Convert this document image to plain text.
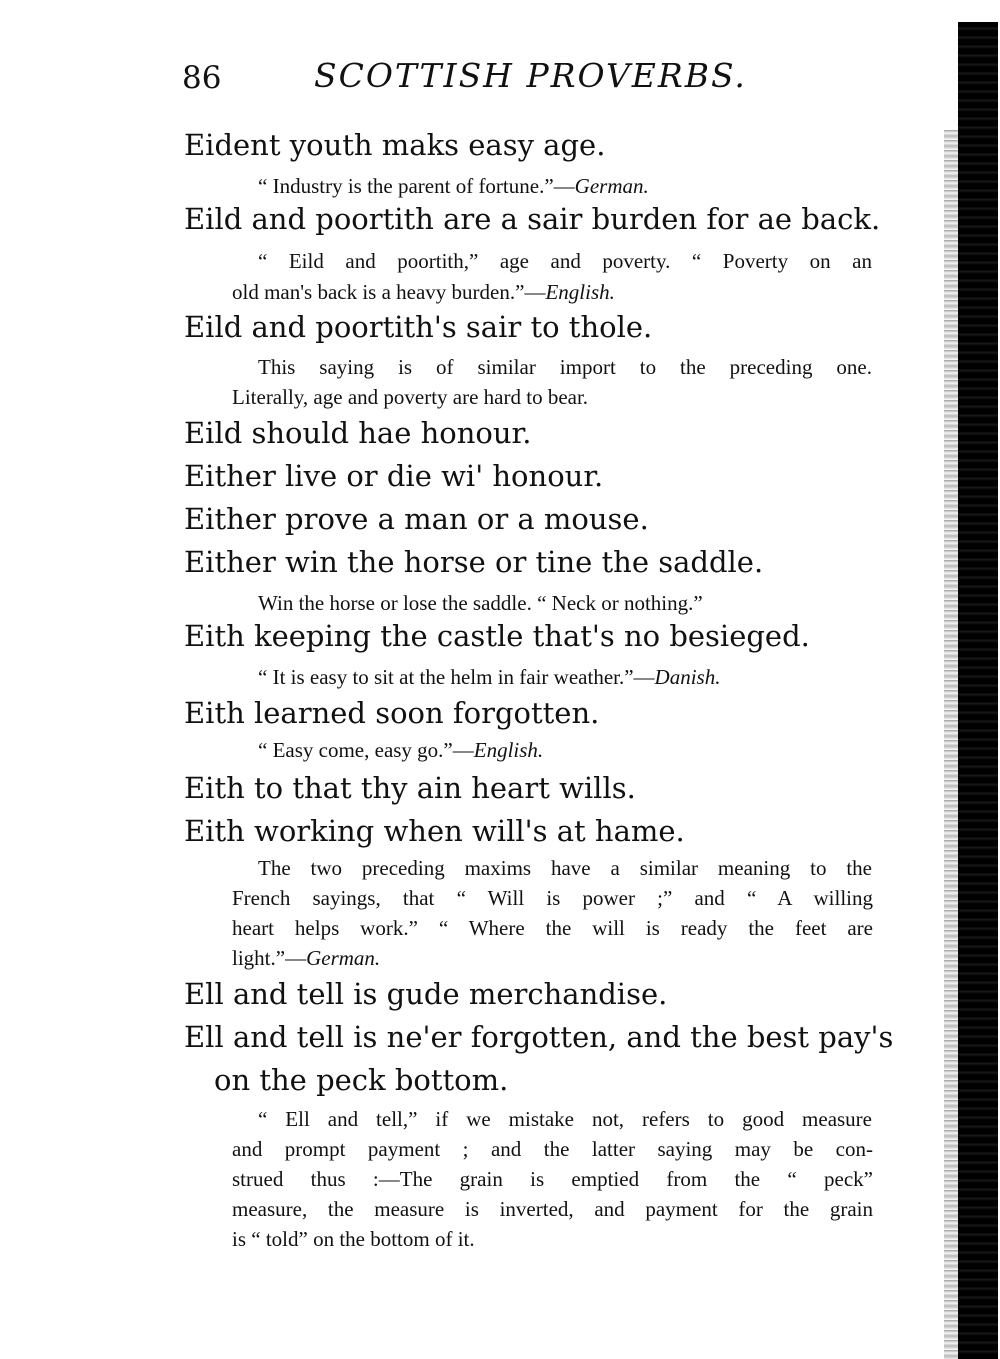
86	SCOTTISH PROVERBS.
Eident youth maks easy age.
“ Industry is the parent of fortune.”—German.
Eild and poortith are a sair burden for ae back.
“ Eild and poortith,” age and poverty. “ Poverty on an
old man's back is a heavy burden.”—English.
Eild and poortith's sair to thole.
This saying is of similar import to the preceding one.
Literally, age and poverty are hard to bear.
Eild should hae honour.
Either live or die wi' honour.
Either prove a man or a mouse.
Either win the horse or tine the saddle.
Win the horse or lose the saddle. “ Neck or nothing.”
Eith keeping the castle that's no besieged.
“ It is easy to sit at the helm in fair weather.”—Danish.
Eith learned soon forgotten.
“ Easy come, easy go.”—English.
Eith to that thy ain heart wills.
Eith working when will's at hame.
The two preceding maxims have a similar meaning to the
French sayings, that “ Will is power ;” and “ A willing
heart helps work.” “ Where the will is ready the feet are
light.”—German.
Ell and tell is gude merchandise.
Ell and tell is ne'er forgotten, and the best pay's
on the peck bottom.
“ Ell and tell,” if we mistake not, refers to good measure
and prompt payment ; and the latter saying may be con-
strued thus :—The grain is emptied from the “ peck”
measure, the measure is inverted, and payment for the grain
is “ told” on the bottom of it.
